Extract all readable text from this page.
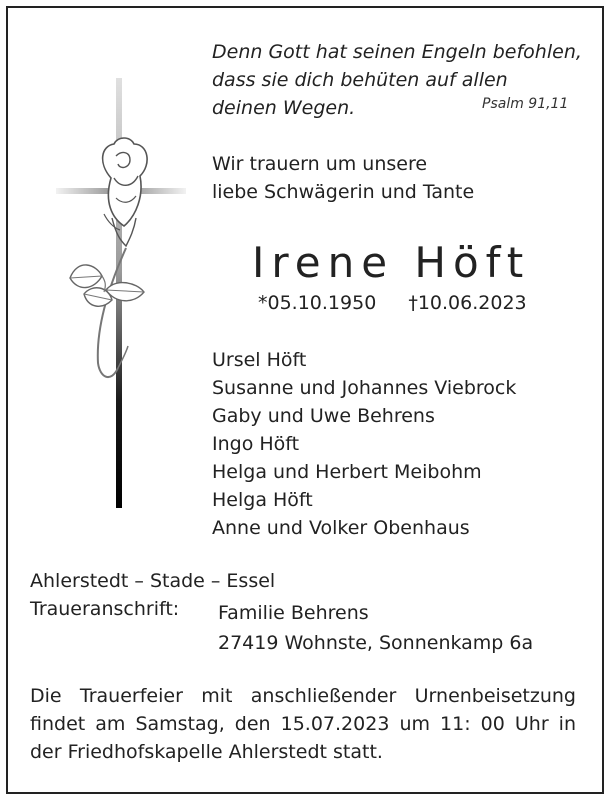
Denn Gott hat seinen Engeln befohlen,
dass sie dich behüten auf allen
deinen Wegen.	Psalm 91,11
Wir trauern um unsere
liebe Schwägerin und Tante
Irene Höft
*05.10.1950 †10.06.2023
Ursel Höft
Susanne und Johannes Viebrock
Gaby und Uwe Behrens
Ingo Höft
Helga und Herbert Meibohm
Helga Höft
Anne und Volker Obenhaus
Ahlerstedt – Stade – Essel
Traueranschrift: Familie Behrens
27419 Wohnste, Sonnenkamp 6a
Die Trauerfeier mit anschließender Urnenbeisetzung
findet am Samstag, den 15.07.2023 um 11: 00 Uhr in
der Friedhofskapelle Ahlerstedt statt.
